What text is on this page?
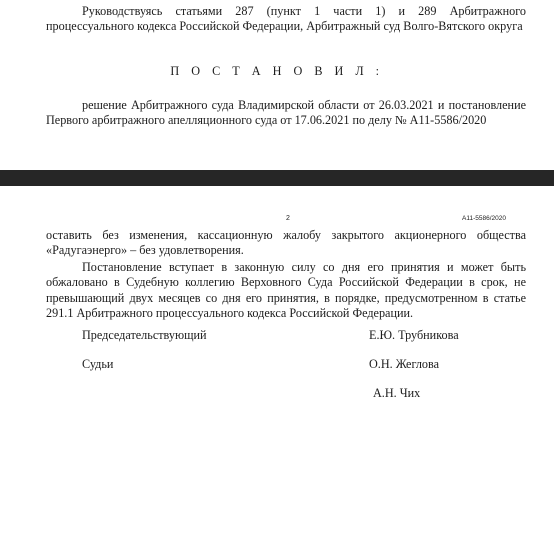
Руководствуясь статьями 287 (пункт 1 части 1) и 289 Арбитражного процессуального кодекса Российской Федерации, Арбитражный суд Волго-Вятского округа

П О С Т А Н О В И Л :

решение Арбитражного суда Владимирской области от 26.03.2021 и постановление Первого арбитражного апелляционного суда от 17.06.2021 по делу № А11-5586/2020

2	А11-5586/2020

оставить без изменения, кассационную жалобу закрытого акционерного общества «Радугаэнерго» – без удовлетворения.

Постановление вступает в законную силу со дня его принятия и может быть обжаловано в Судебную коллегию Верховного Суда Российской Федерации в срок, не превышающий двух месяцев со дня его принятия, в порядке, предусмотренном в статье 291.1 Арбитражного процессуального кодекса Российской Федерации.

Председательствующий	Е.Ю. Трубникова

Судьи	О.Н. Жеглова

А.Н. Чих
